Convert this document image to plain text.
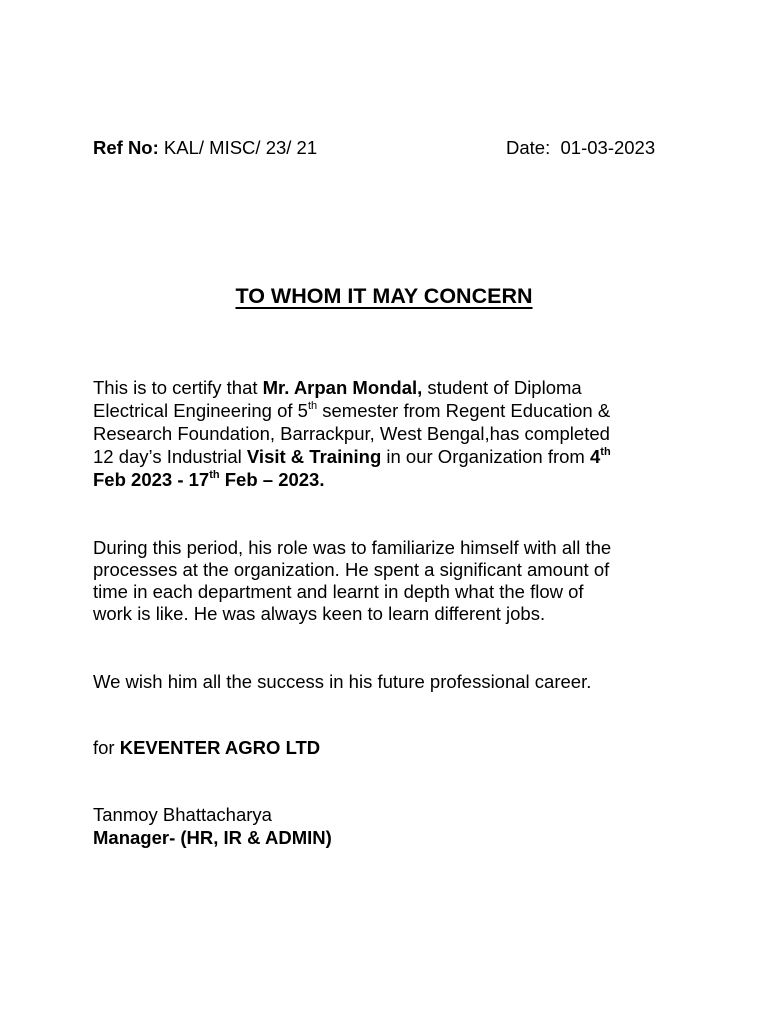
Ref No: KAL/ MISC/ 23/ 21	Date:  01-03-2023
TO WHOM IT MAY CONCERN
This is to certify that Mr. Arpan Mondal, student of Diploma
Electrical Engineering of 5th semester from Regent Education &
Research Foundation, Barrackpur, West Bengal,has completed
12 day’s Industrial Visit & Training in our Organization from 4th
Feb 2023 - 17th Feb – 2023.
During this period, his role was to familiarize himself with all the
processes at the organization. He spent a significant amount of
time in each department and learnt in depth what the flow of
work is like. He was always keen to learn different jobs.
We wish him all the success in his future professional career.
for KEVENTER AGRO LTD
Tanmoy Bhattacharya
Manager- (HR, IR & ADMIN)
